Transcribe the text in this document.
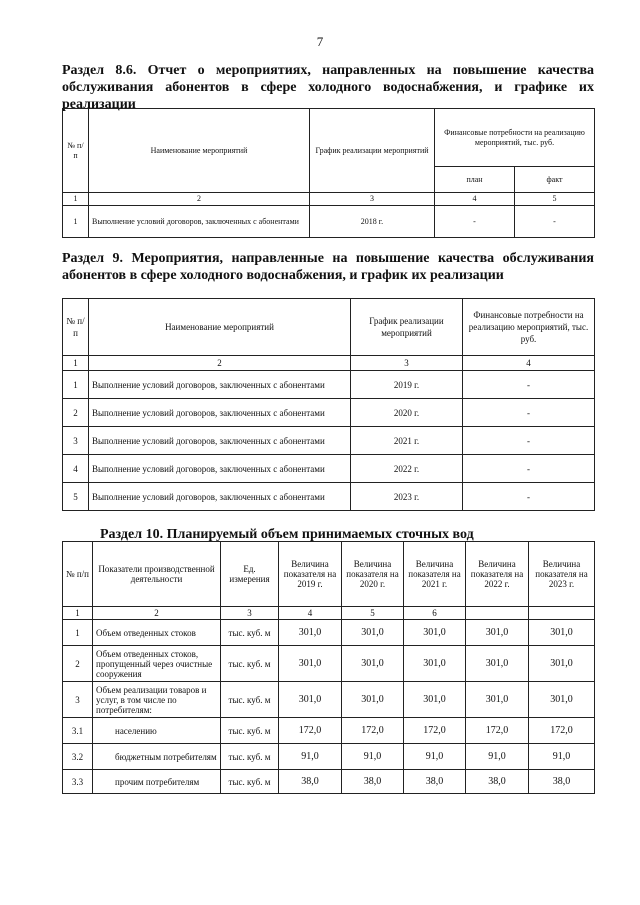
7
Раздел 8.6. Отчет о мероприятиях, направленных на повышение качества обслуживания абонентов в сфере холодного водоснабжения, и графике их реализации
№ п/п	Наименование мероприятий	График реализации мероприятий	Финансовые потребности на реализацию мероприятий, тыс. руб.	
			план	факт
1	2	3	4	5
1	Выполнение условий договоров, заключенных с абонентами	2018 г.	-	-
Раздел 9. Мероприятия, направленные на повышение качества обслуживания абонентов в сфере холодного водоснабжения, и график их реализации
№ п/п	Наименование мероприятий	График реализации мероприятий	Финансовые потребности на реализацию мероприятий, тыс. руб.
1	2	3	4
1	Выполнение условий договоров, заключенных с абонентами	2019 г.	-
2	Выполнение условий договоров, заключенных с абонентами	2020 г.	-
3	Выполнение условий договоров, заключенных с абонентами	2021 г.	-
4	Выполнение условий договоров, заключенных с абонентами	2022 г.	-
5	Выполнение условий договоров, заключенных с абонентами	2023 г.	-
Раздел 10. Планируемый объем принимаемых сточных вод
№ п/п	Показатели производственной деятельности	Ед. измерения	Величина показателя на 2019 г.	Величина показателя на 2020 г.	Величина показателя на 2021 г.	Величина показателя на 2022 г.	Величина показателя на 2023 г.
1	2	3	4	5	6		
1	Объем отведенных стоков	тыс. куб. м	301,0	301,0	301,0	301,0	301,0
2	Объем отведенных стоков, пропущенный через очистные сооружения	тыс. куб. м	301,0	301,0	301,0	301,0	301,0
3	Объем реализации товаров и услуг, в том числе по потребителям:	тыс. куб. м	301,0	301,0	301,0	301,0	301,0
3.1	населению	тыс. куб. м	172,0	172,0	172,0	172,0	172,0
3.2	бюджетным потребителям	тыс. куб. м	91,0	91,0	91,0	91,0	91,0
3.3	прочим потребителям	тыс. куб. м	38,0	38,0	38,0	38,0	38,0
